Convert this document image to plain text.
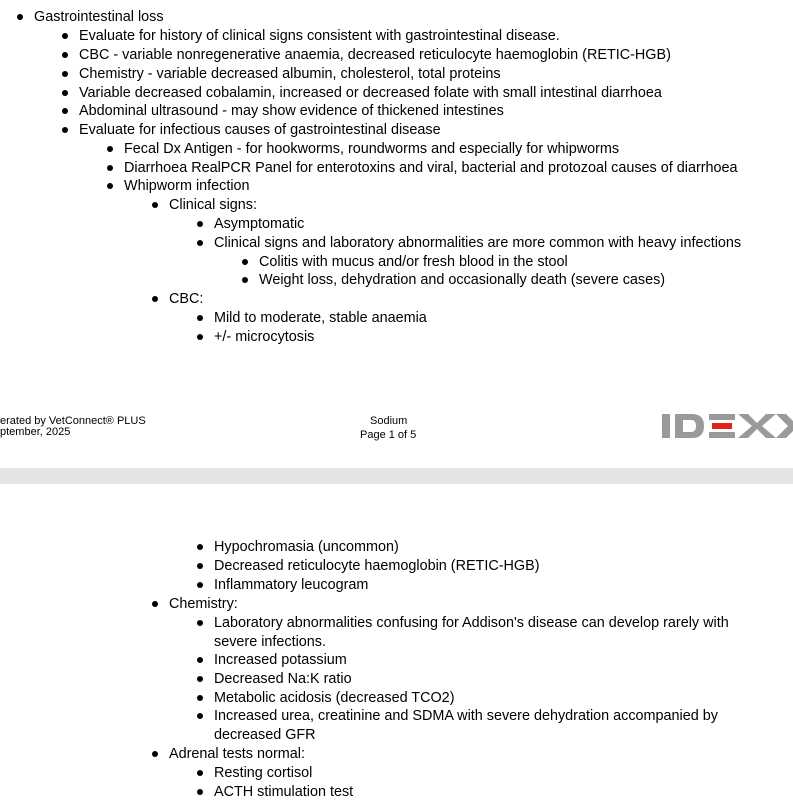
Gastrointestinal loss
Evaluate for history of clinical signs consistent with gastrointestinal disease.
CBC - variable nonregenerative anaemia, decreased reticulocyte haemoglobin (RETIC-HGB)
Chemistry - variable decreased albumin, cholesterol, total proteins
Variable decreased cobalamin, increased or decreased folate with small intestinal diarrhoea
Abdominal ultrasound - may show evidence of thickened intestines
Evaluate for infectious causes of gastrointestinal disease
Fecal Dx Antigen - for hookworms, roundworms and especially for whipworms
Diarrhoea RealPCR Panel for enterotoxins and viral, bacterial and protozoal causes of diarrhoea
Whipworm infection
Clinical signs:
Asymptomatic
Clinical signs and laboratory abnormalities are more common with heavy infections
Colitis with mucus and/or fresh blood in the stool
Weight loss, dehydration and occasionally death (severe cases)
CBC:
Mild to moderate, stable anaemia
+/- microcytosis
erated by VetConnect® PLUS
ptember, 2025
Sodium
Page 1 of 5
Hypochromasia (uncommon)
Decreased reticulocyte haemoglobin (RETIC-HGB)
Inflammatory leucogram
Chemistry:
Laboratory abnormalities confusing for Addison's disease can develop rarely with severe infections.
Increased potassium
Decreased Na:K ratio
Metabolic acidosis (decreased TCO2)
Increased urea, creatinine and SDMA with severe dehydration accompanied by decreased GFR
Adrenal tests normal:
Resting cortisol
ACTH stimulation test
